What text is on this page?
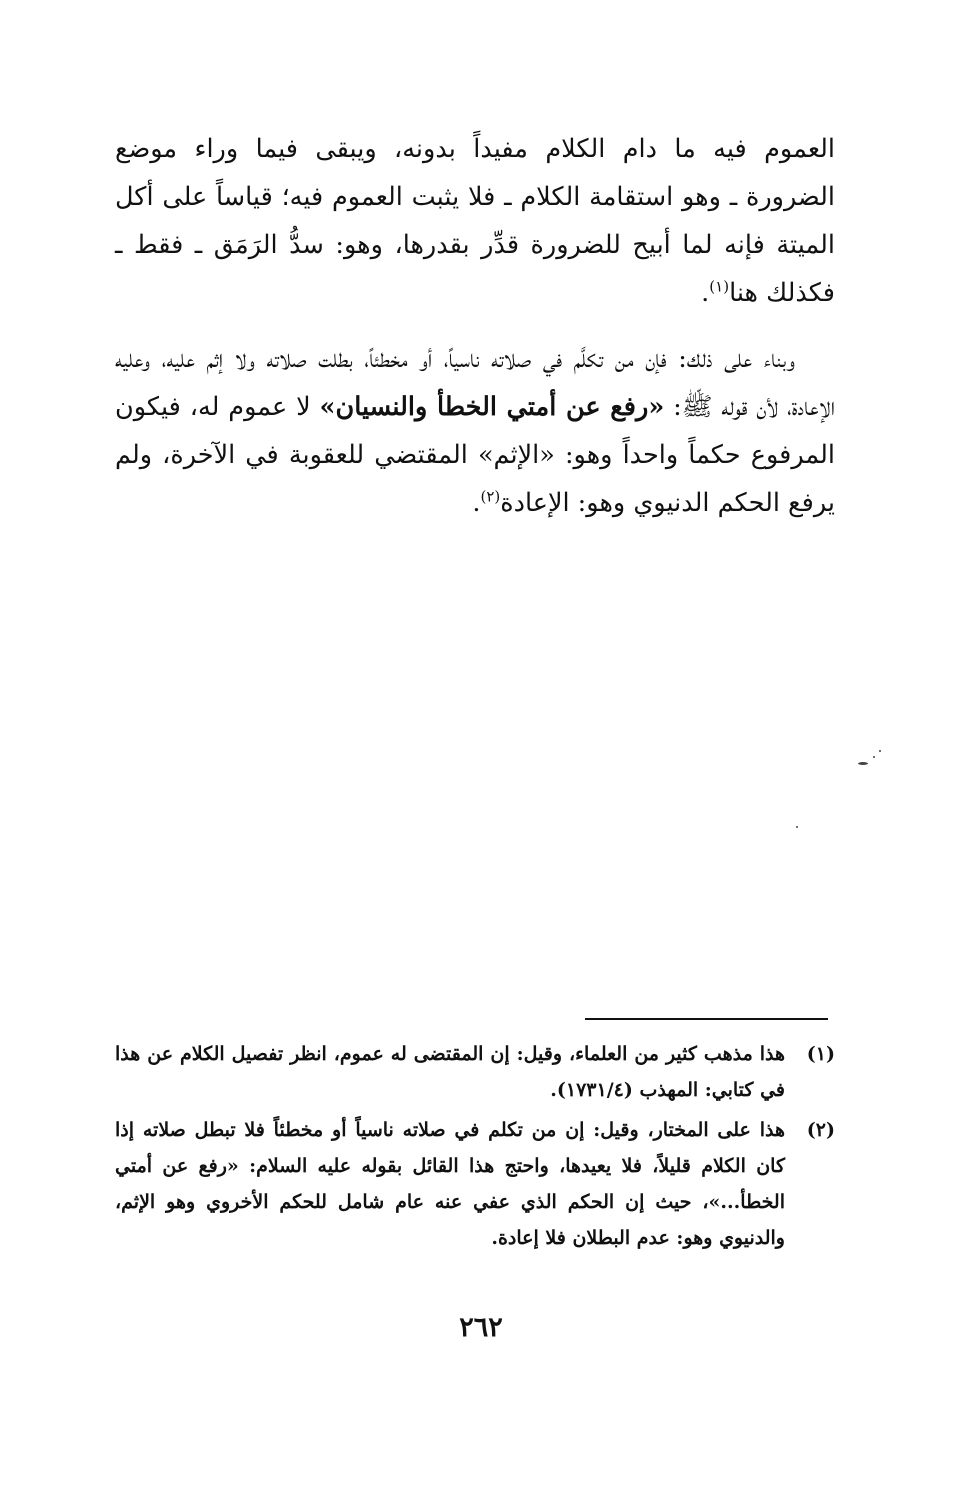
العموم فيه ما دام الكلام مفيداً بدونه، ويبقى فيما وراء موضع الضرورة ـ وهو استقامة الكلام ـ فلا يثبت العموم فيه؛ قياساً على أكل الميتة فإنه لما أبيح للضرورة قدِّر بقدرها، وهو: سدُّ الرَمَق ـ فقط ـ فكذلك هنا$^{(١)}$.

وبناء على ذلك: فإن من تكلَّم في صلاته ناسياً، أو مخطئاً، بطلت صلاته ولا إثم عليه، وعليه الإعادة، لأن قوله ﷺ: «رفع عن أمتي الخطأ والنسيان» لا عموم له، فيكون المرفوع حكماً واحداً وهو: «الإثم» المقتضي للعقوبة في الآخرة، ولم يرفع الحكم الدنيوي وهو: الإعادة$^{(٢)}$.

(١)
هذا مذهب كثير من العلماء، وقيل: إن المقتضى له عموم، انظر تفصيل الكلام عن هذا في كتابي: المهذب (١٧٣١/٤).
(٢)
هذا على المختار، وقيل: إن من تكلم في صلاته ناسياً أو مخطئاً فلا تبطل صلاته إذا كان الكلام قليلاً، فلا يعيدها، واحتج هذا القائل بقوله عليه السلام: «رفع عن أمتي الخطأ...»، حيث إن الحكم الذي عفي عنه عام شامل للحكم الأخروي وهو الإثم، والدنيوي وهو: عدم البطلان فلا إعادة.
٢٦٢
